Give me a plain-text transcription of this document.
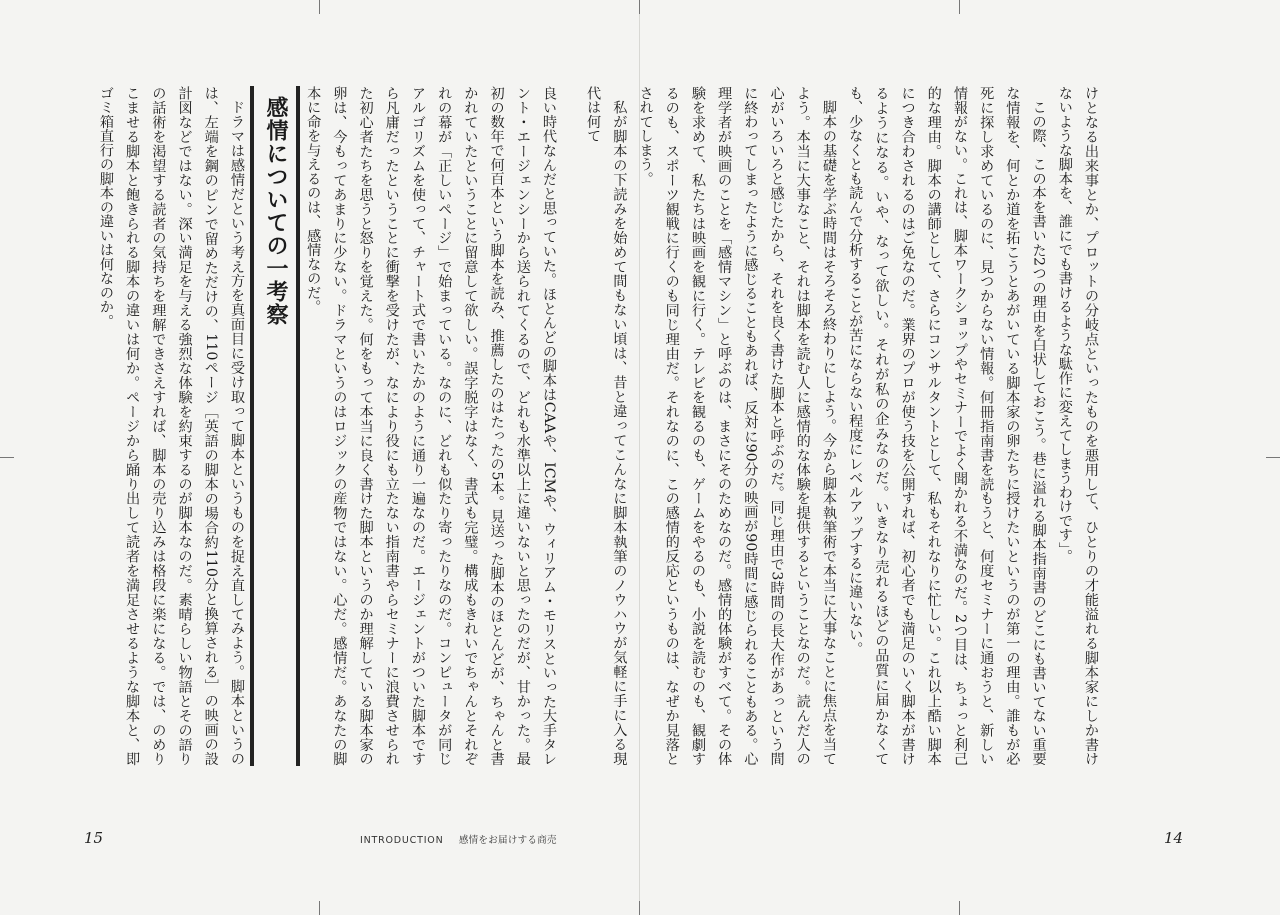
けとなる出来事とか、プロットの分岐点といったものを悪用して、ひとりの才能溢れる脚本家にしか書けないような脚本を、誰にでも書けるような駄作に変えてしまうわけです」。

この際、この本を書いた2つの理由を白状しておこう。巷に溢れる脚本指南書のどこにも書いてない重要な情報を、何とか道を拓こうとあがいている脚本家の卵たちに授けたいというのが第一の理由。誰もが必死に探し求めているのに、見つからない情報。何冊指南書を読もうと、何度セミナーに通おうと、新しい情報がない。これは、脚本ワークショップやセミナーでよく聞かれる不満なのだ。2つ目は、ちょっと利己的な理由。脚本の講師として、さらにコンサルタントとして、私もそれなりに忙しい。これ以上酷い脚本につき合わされるのはご免なのだ。業界のプロが使う技を公開すれば、初心者でも満足のいく脚本が書けるようになる。いや、なって欲しい。それが私の企みなのだ。いきなり売れるほどの品質に届かなくても、少なくとも読んで分析することが苦にならない程度にレベルアップするに違いない。

脚本の基礎を学ぶ時間はそろそろ終わりにしよう。今から脚本執筆術で本当に大事なことに焦点を当てよう。本当に大事なこと、それは脚本を読む人に感情的な体験を提供するということなのだ。読んだ人の心がいろいろと感じたから、それを良く書けた脚本と呼ぶのだ。同じ理由で3時間の長大作があっという間に終わってしまったように感じることもあれば、反対に90分の映画が90時間に感じられることもある。心理学者が映画のことを「感情マシン」と呼ぶのは、まさにそのためなのだ。感情的体験がすべて。その体験を求めて、私たちは映画を観に行く。テレビを観るのも、ゲームをやるのも、小説を読むのも、観劇するのも、スポーツ観戦に行くのも同じ理由だ。それなのに、この感情的反応というものは、なぜか見落とされてしまう。

私が脚本の下読みを始めて間もない頃は、昔と違ってこんなに脚本執筆のノウハウが気軽に手に入る現代は何て

良い時代なんだと思っていた。ほとんどの脚本はCAAや、ICMや、ウィリアム・モリスといった大手タレント・エージェンシーから送られてくるので、どれも水準以上に違いないと思ったのだが、甘かった。最初の数年で何百本という脚本を読み、推薦したのはたったの5本。見送った脚本のほとんどが、ちゃんと書かれていたということに留意して欲しい。誤字脱字はなく、書式も完璧。構成もきれいでちゃんとそれぞれの幕が「正しいページ」で始まっている。なのに、どれも似たり寄ったりなのだ。コンピュータが同じアルゴリズムを使って、チャート式で書いたかのように通り一遍なのだ。エージェントがついた脚本ですら凡庸だったということに衝撃を受けたが、なにより役にも立たない指南書やらセミナーに浪費させられた初心者たちを思うと怒りを覚えた。何をもって本当に良く書けた脚本というのか理解している脚本家の卵は、今もってあまりに少ない。ドラマというのはロジックの産物ではない。心だ。感情だ。あなたの脚本に命を与えるのは、感情なのだ。

感情についての一考察

ドラマは感情だという考え方を真面目に受け取って脚本というものを捉え直してみよう。脚本というのは、左端を鋼のピンで留めただけの、110ページ［英語の脚本の場合約110分と換算される］の映画の設計図などではない。深い満足を与える強烈な体験を約束するのが脚本なのだ。素晴らしい物語とその語りの話術を渇望する読者の気持ちを理解できさえすれば、脚本の売り込みは格段に楽になる。では、のめりこませる脚本と飽きられる脚本の違いは何か。ページから踊り出して読者を満足させるような脚本と、即ゴミ箱直行の脚本の違いは何なのか。

15	14
INTRODUCTION 感情をお届けする商売
